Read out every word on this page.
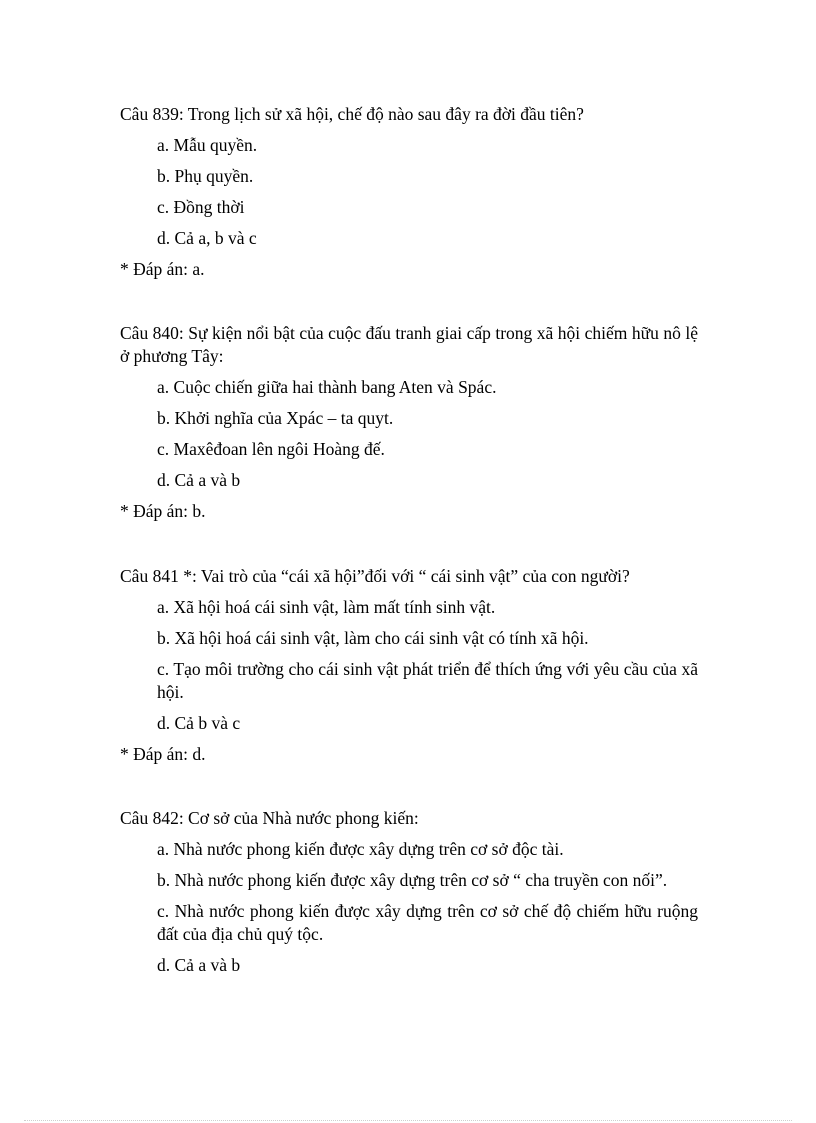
Câu 839: Trong lịch sử xã hội, chế độ nào sau đây ra đời đầu tiên?

a. Mẫu quyền.
b. Phụ quyền.
c. Đồng thời
d. Cả a, b và c

* Đáp án: a.

Câu 840: Sự kiện nổi bật của cuộc đấu tranh giai cấp trong xã hội chiếm hữu nô lệ ở phương Tây:

a. Cuộc chiến giữa hai thành bang Aten và Spác.
b. Khởi nghĩa của Xpác – ta quyt.
c. Maxêđoan lên ngôi Hoàng đế.
d. Cả a và b

* Đáp án: b.

Câu 841 *: Vai trò của “cái xã hội”đối với “ cái sinh vật” của con người?

a. Xã hội hoá cái sinh vật, làm mất tính sinh vật.
b. Xã hội hoá cái sinh vật, làm cho cái sinh vật có tính xã hội.
c. Tạo môi trường cho cái sinh vật phát triển để thích ứng với yêu cầu của xã hội.
d. Cả b và c

* Đáp án: d.

Câu 842: Cơ sở của Nhà nước phong kiến:

a. Nhà nước phong kiến được xây dựng trên cơ sở độc tài.
b. Nhà nước phong kiến được xây dựng trên cơ sở “ cha truyền con nối”.
c. Nhà nước phong kiến được xây dựng trên cơ sở chế độ chiếm hữu ruộng đất của địa chủ quý tộc.
d. Cả a và b
